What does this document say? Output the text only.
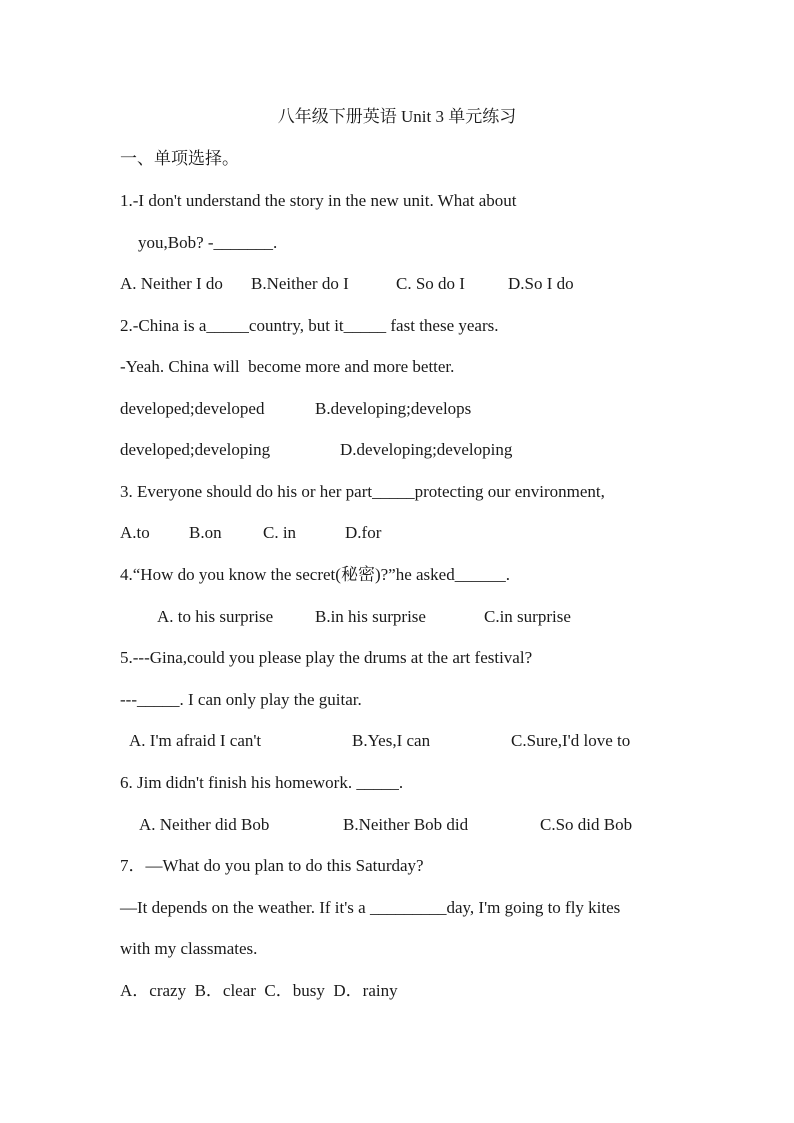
八年级下册英语 Unit 3 单元练习
一、单项选择。
1.-I don't understand the story in the new unit. What about
you,Bob? -_______.
A. Neither I do B.Neither do I	C. So do I	D.So I do
2.-China is a_____country, but it_____ fast these years.
-Yeah. China will  become more and more better.
developed;developed	B.developing;develops
developed;developing	D.developing;developing
3. Everyone should do his or her part_____protecting our environment,
A.to B.on C. in	D.for
4.“How do you know the secret(秘密)?”he asked______.
A. to his surprise B.in his surprise	C.in surprise
5.---Gina,could you please play the drums at the art festival?
---_____. I can only play the guitar.
A. I'm afraid I can't	B.Yes,I can	C.Sure,I'd love to
6. Jim didn't finish his homework. _____.
A. Neither did Bob	B.Neither Bob did	C.So did Bob
7．—What do you plan to do this Saturday?
—It depends on the weather. If it's a _________day, I'm going to fly kites
with my classmates.
A．crazy  B．clear  C．busy  D．rainy
